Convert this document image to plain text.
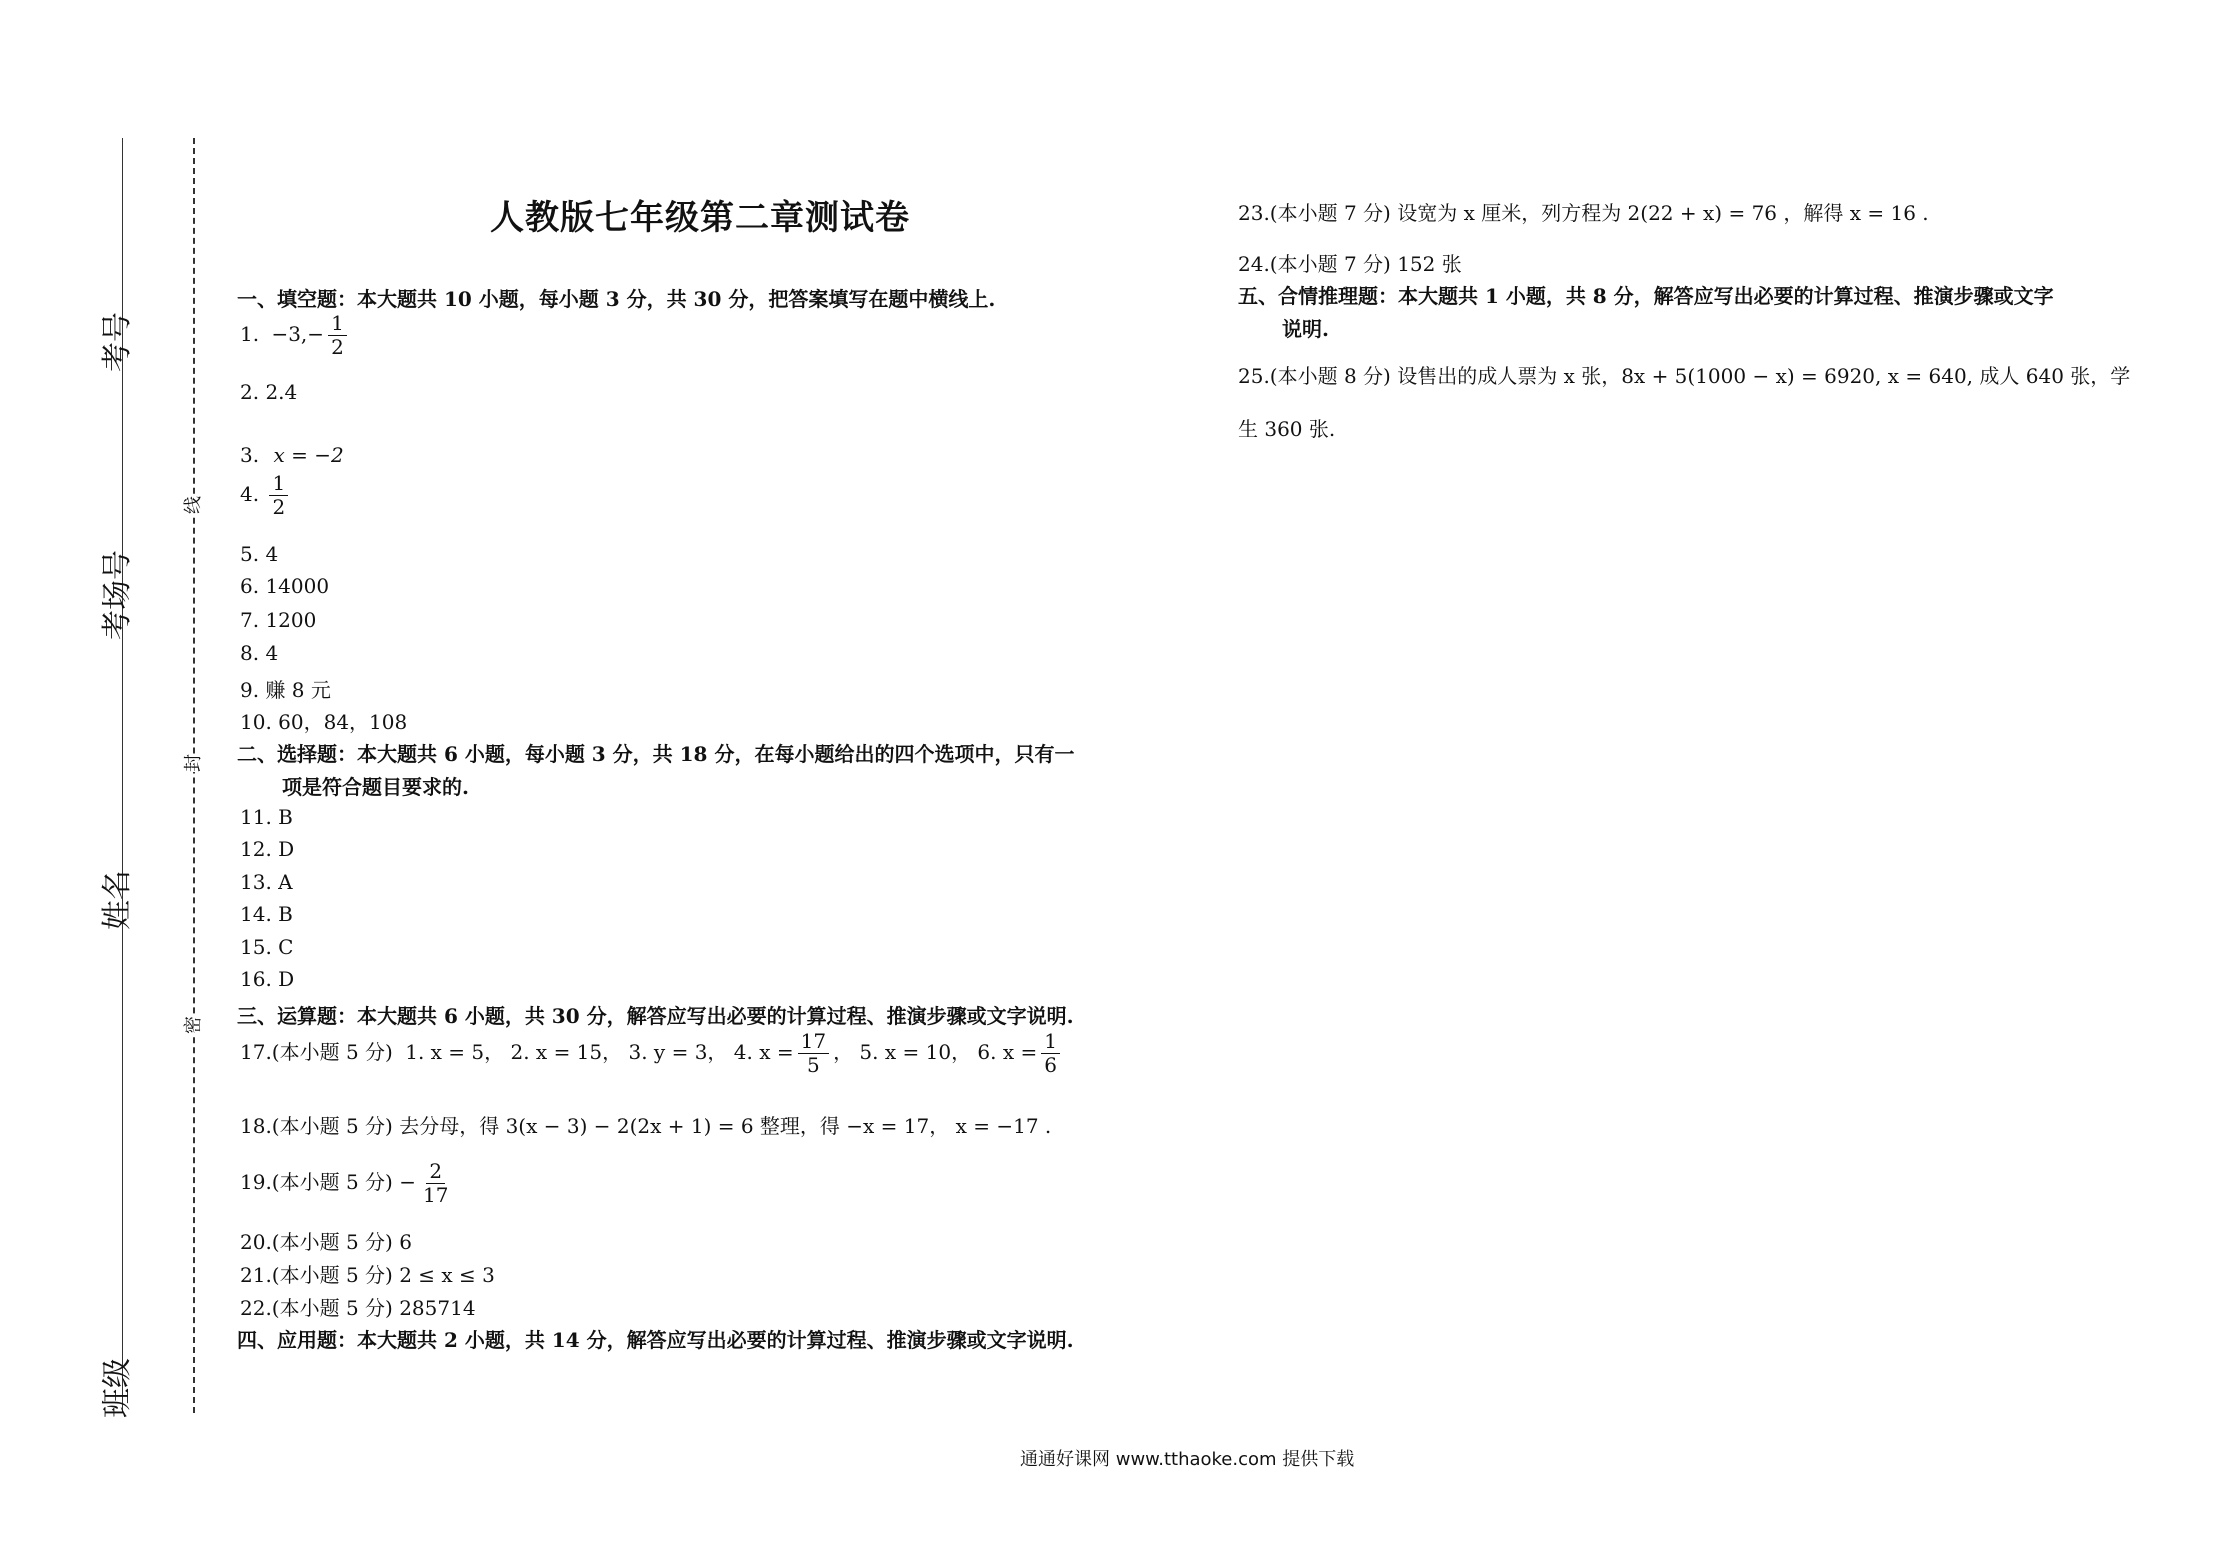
考号
考场号
姓名
班级
线
封
密
人教版七年级第二章测试卷
一、填空题：本大题共 10 小题，每小题 3 分，共 30 分，把答案填写在题中横线上.
1. $-3,- \frac{1}{2}$
2. 2.4
3. x = −2
4. $\frac{1}{2}$
5. 4
6. 14000
7. 1200
8. 4
9. 赚 8 元
10. 60，84，108
二、选择题：本大题共 6 小题，每小题 3 分，共 18 分，在每小题给出的四个选项中，只有一
项是符合题目要求的.
11. B
12. D
13. A
14. B
15. C
16. D
三、运算题：本大题共 6 小题，共 30 分，解答应写出必要的计算过程、推演步骤或文字说明.
17.(本小题 5 分) 1. x = 5， 2. x = 15， 3. y = 3， 4. $x = \frac{17}{5}$ ， 5. x = 10， 6. $x = \frac{1}{6}$
18.(本小题 5 分) 去分母，得 3(x − 3) − 2(2x + 1) = 6 整理，得 −x = 17， x = −17 .
19.(本小题 5 分) − $\frac{2}{17}$
20.(本小题 5 分) 6
21.(本小题 5 分) 2 ≤ x ≤ 3
22.(本小题 5 分) 285714
四、应用题：本大题共 2 小题，共 14 分，解答应写出必要的计算过程、推演步骤或文字说明.
23.(本小题 7 分) 设宽为 x 厘米，列方程为 2(22 + x) = 76 ，解得 x = 16 .
24.(本小题 7 分) 152 张
五、合情推理题：本大题共 1 小题，共 8 分，解答应写出必要的计算过程、推演步骤或文字
说明.
25.(本小题 8 分) 设售出的成人票为 x 张，8x + 5(1000 − x) = 6920, x = 640, 成人 640 张，学
生 360 张.
通通好课网 www.tthaoke.com 提供下载
